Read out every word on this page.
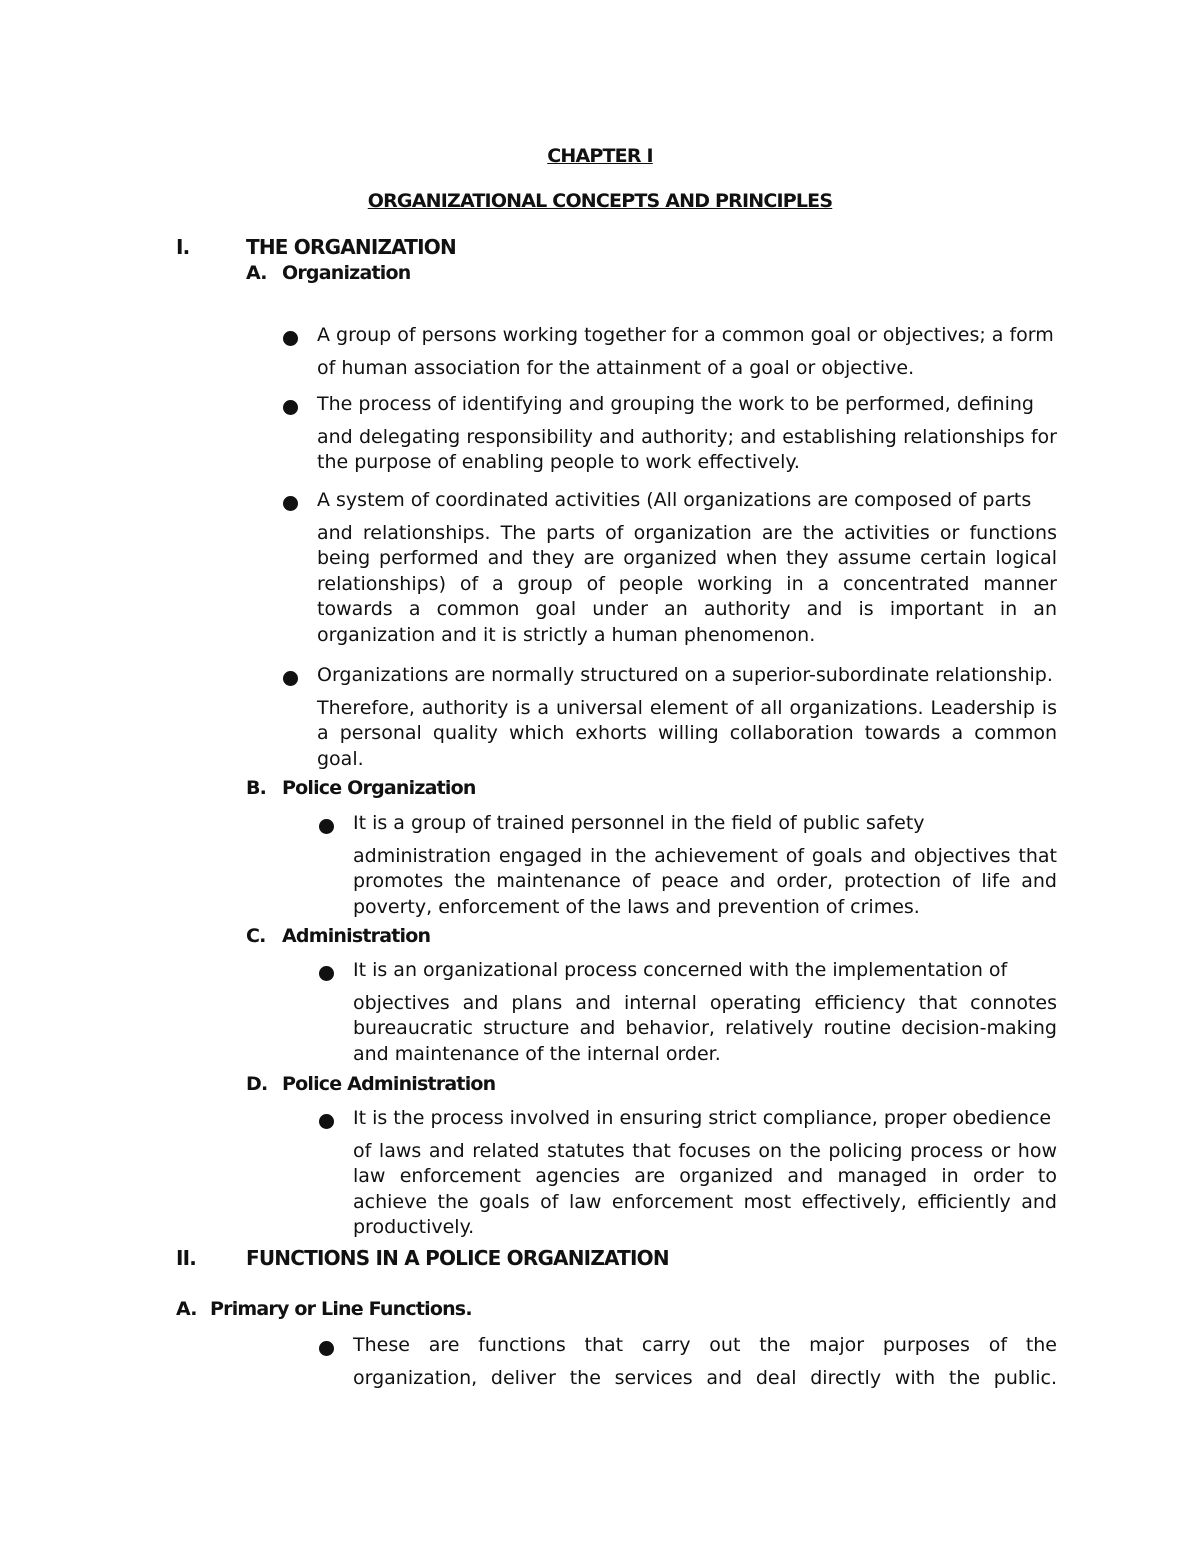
CHAPTER I
ORGANIZATIONAL CONCEPTS AND PRINCIPLES
I.	THE ORGANIZATION
A. Organization
A group of persons working together for a common goal or objectives; a form
of human association for the attainment of a goal or objective.
The process of identifying and grouping the work to be performed, defining
and delegating responsibility and authority; and establishing relationships for the purpose of enabling people to work effectively.
A system of coordinated activities (All organizations are composed of parts
and relationships. The parts of organization are the activities or functions being performed and they are organized when they assume certain logical relationships) of a group of people working in a concentrated manner towards a common goal under an authority and is important in an organization and it is strictly a human phenomenon.
Organizations are normally structured on a superior-subordinate relationship.
Therefore, authority is a universal element of all organizations. Leadership is a personal quality which exhorts willing collaboration towards a common goal.
B. Police Organization
It is a group of trained personnel in the field of public safety
administration engaged in the achievement of goals and objectives that promotes the maintenance of peace and order, protection of life and poverty, enforcement of the laws and prevention of crimes.
C. Administration
It is an organizational process concerned with the implementation of
objectives and plans and internal operating efficiency that connotes bureaucratic structure and behavior, relatively routine decision-making and maintenance of the internal order.
D. Police Administration
It is the process involved in ensuring strict compliance, proper obedience
of laws and related statutes that focuses on the policing process or how law enforcement agencies are organized and managed in order to achieve the goals of law enforcement most effectively, efficiently and productively.
II. FUNCTIONS IN A POLICE ORGANIZATION
A. Primary or Line Functions.
These are functions that carry out the major purposes of the
organization, deliver the services and deal directly with the public.
